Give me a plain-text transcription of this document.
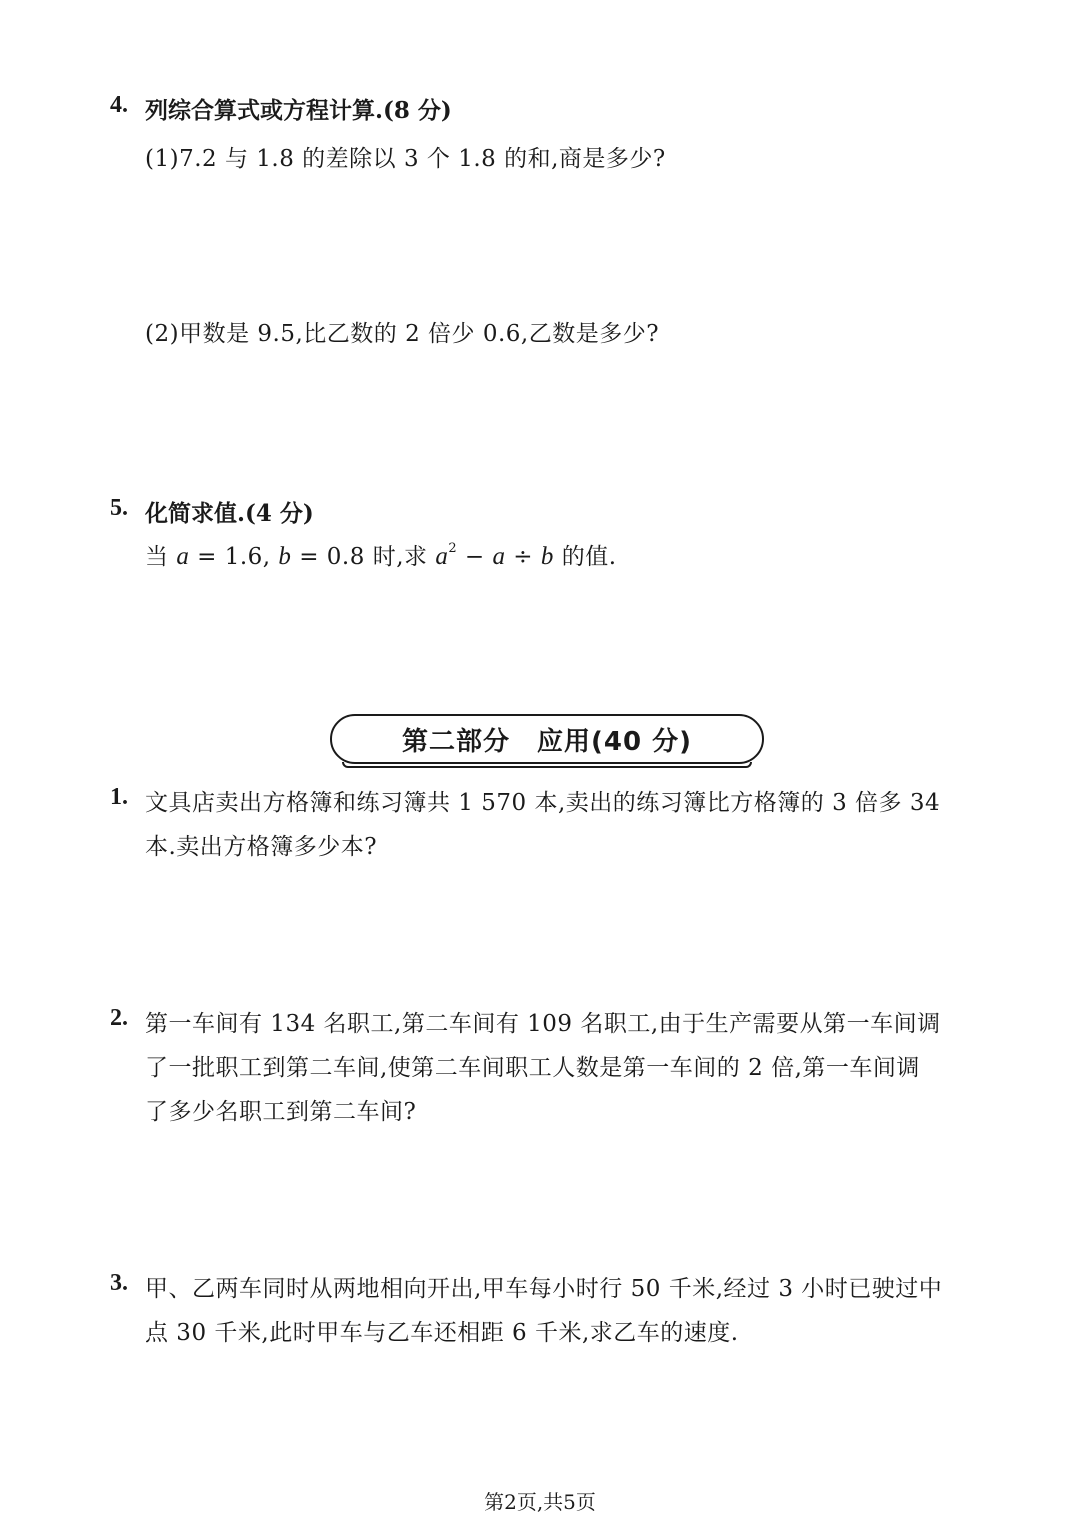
4. 列综合算式或方程计算.(8 分)
(1)7.2 与 1.8 的差除以 3 个 1.8 的和,商是多少?
(2)甲数是 9.5,比乙数的 2 倍少 0.6,乙数是多少?
5. 化简求值.(4 分)
当 a = 1.6, b = 0.8 时,求 $a^2 - a \div b$ 的值.
第二部分　应用(40 分)
1. 文具店卖出方格簿和练习簿共 1 570 本,卖出的练习簿比方格簿的 3 倍多 34
本.卖出方格簿多少本?
2. 第一车间有 134 名职工,第二车间有 109 名职工,由于生产需要从第一车间调
了一批职工到第二车间,使第二车间职工人数是第一车间的 2 倍,第一车间调
了多少名职工到第二车间?
3. 甲、乙两车同时从两地相向开出,甲车每小时行 50 千米,经过 3 小时已驶过中
点 30 千米,此时甲车与乙车还相距 6 千米,求乙车的速度.
第2页,共5页
